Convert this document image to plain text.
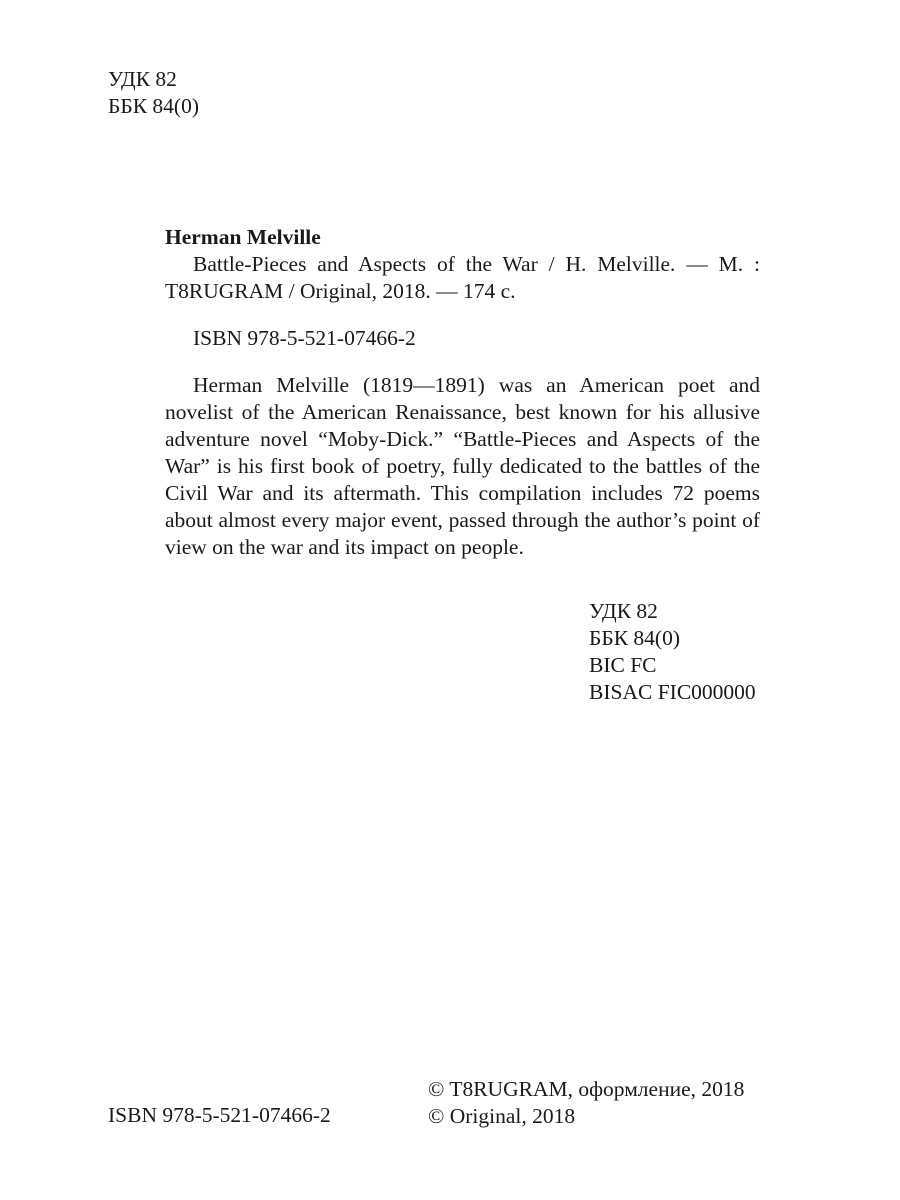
УДК 82
ББК 84(0)
Herman Melville
Battle-Pieces and Aspects of the War / H. Melville. — M. :
T8RUGRAM / Original, 2018. — 174 c.
ISBN 978-5-521-07466-2
Herman Melville (1819—1891) was an American poet and novelist of the American Renaissance, best known for his allusive adventure novel “Moby-Dick.” “Battle-Pieces and Aspects of the War” is his first book of poetry, fully dedicated to the battles of the Civil War and its aftermath. This compilation includes 72 poems about almost every major event, passed through the author’s point of view on the war and its impact on people.
УДК 82
ББК 84(0)
BIC FC
BISAC FIC000000
ISBN 978-5-521-07466-2
© T8RUGRAM, оформление, 2018
© Original, 2018
